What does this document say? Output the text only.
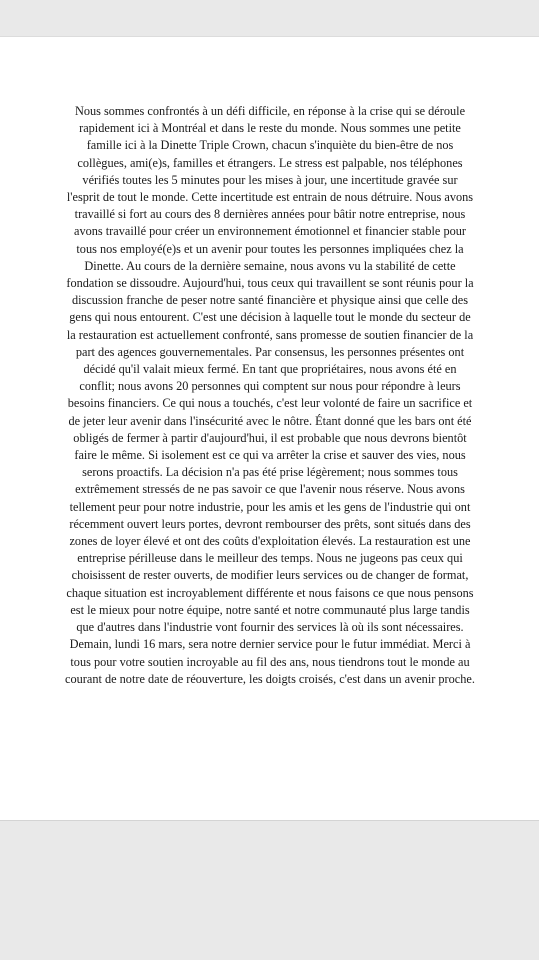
Nous sommes confrontés à un défi difficile, en réponse à la crise qui se déroule
rapidement ici à Montréal et dans le reste du monde. Nous sommes une petite
famille ici à la Dinette Triple Crown, chacun s'inquiète du bien-être de nos
collègues, ami(e)s, familles et étrangers. Le stress est palpable, nos téléphones
vérifiés toutes les 5 minutes pour les mises à jour, une incertitude gravée sur
l'esprit de tout le monde. Cette incertitude est entrain de nous détruire. Nous avons
travaillé si fort au cours des 8 dernières années pour bâtir notre entreprise, nous
avons travaillé pour créer un environnement émotionnel et financier stable pour
tous nos employé(e)s et un avenir pour toutes les personnes impliquées chez la
Dinette. Au cours de la dernière semaine, nous avons vu la stabilité de cette
fondation se dissoudre. Aujourd'hui, tous ceux qui travaillent se sont réunis pour la
discussion franche de peser notre santé financière et physique ainsi que celle des
gens qui nous entourent. C'est une décision à laquelle tout le monde du secteur de
la restauration est actuellement confronté, sans promesse de soutien financier de la
part des agences gouvernementales. Par consensus, les personnes présentes ont
décidé qu'il valait mieux fermé. En tant que propriétaires, nous avons été en
conflit; nous avons 20 personnes qui comptent sur nous pour répondre à leurs
besoins financiers. Ce qui nous a touchés, c'est leur volonté de faire un sacrifice et
de jeter leur avenir dans l'insécurité avec le nôtre. Étant donné que les bars ont été
obligés de fermer à partir d'aujourd'hui, il est probable que nous devrons bientôt
faire le même. Si isolement est ce qui va arrêter la crise et sauver des vies, nous
serons proactifs. La décision n'a pas été prise légèrement; nous sommes tous
extrêmement stressés de ne pas savoir ce que l'avenir nous réserve. Nous avons
tellement peur pour notre industrie, pour les amis et les gens de l'industrie qui ont
récemment ouvert leurs portes, devront rembourser des prêts, sont situés dans des
zones de loyer élevé et ont des coûts d'exploitation élevés. La restauration est une
entreprise périlleuse dans le meilleur des temps. Nous ne jugeons pas ceux qui
choisissent de rester ouverts, de modifier leurs services ou de changer de format,
chaque situation est incroyablement différente et nous faisons ce que nous pensons
est le mieux pour notre équipe, notre santé et notre communauté plus large tandis
que d'autres dans l'industrie vont fournir des services là où ils sont nécessaires.
Demain, lundi 16 mars, sera notre dernier service pour le futur immédiat. Merci à
tous pour votre soutien incroyable au fil des ans, nous tiendrons tout le monde au
courant de notre date de réouverture, les doigts croisés, c'est dans un avenir proche.
